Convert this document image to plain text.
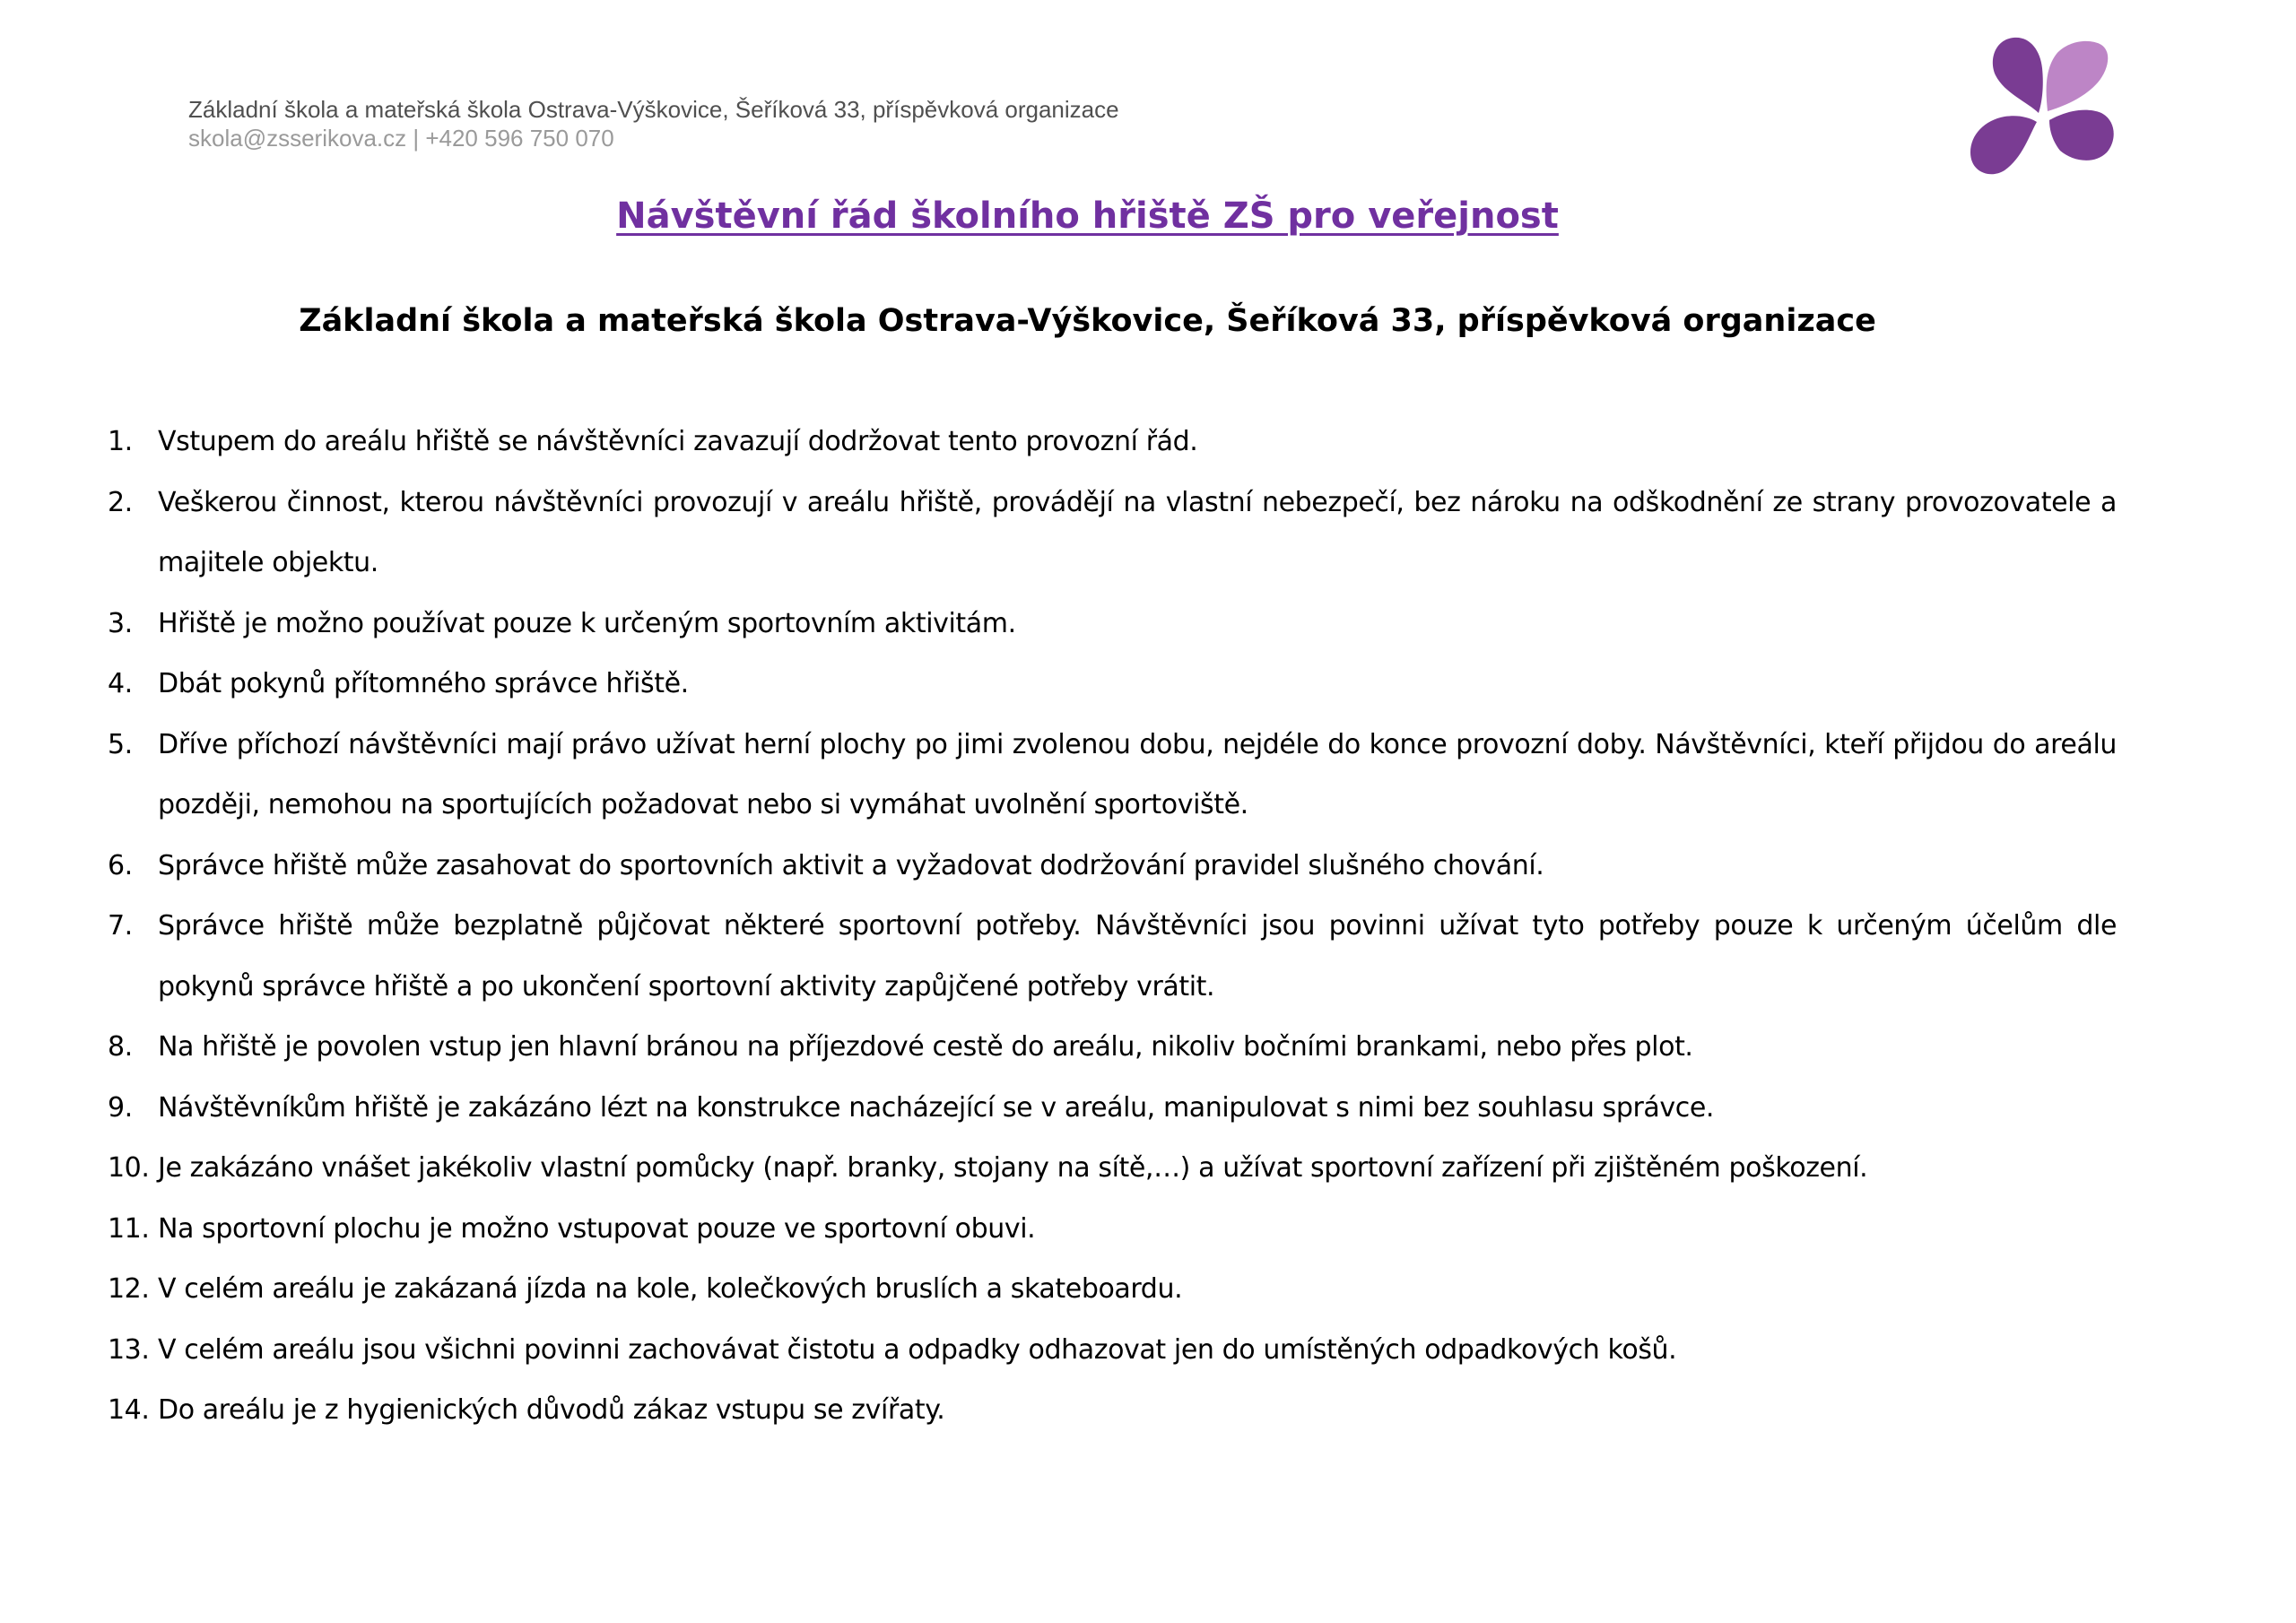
Základní škola a mateřská škola Ostrava-Výškovice, Šeříková 33, příspěvková organizace
skola@zsserikova.cz | +420 596 750 070
Návštěvní řád školního hřiště ZŠ pro veřejnost
Základní škola a mateřská škola Ostrava-Výškovice, Šeříková 33, příspěvková organizace
1. Vstupem do areálu hřiště se návštěvníci zavazují dodržovat tento provozní řád.
2. Veškerou činnost, kterou návštěvníci provozují v areálu hřiště, provádějí na vlastní nebezpečí, bez nároku na odškodnění ze strany provozovatele a majitele objektu.
3. Hřiště je možno používat pouze k určeným sportovním aktivitám.
4. Dbát pokynů přítomného správce hřiště.
5. Dříve příchozí návštěvníci mají právo užívat herní plochy po jimi zvolenou dobu, nejdéle do konce provozní doby. Návštěvníci, kteří přijdou do areálu později, nemohou na sportujících požadovat nebo si vymáhat uvolnění sportoviště.
6. Správce hřiště může zasahovat do sportovních aktivit a vyžadovat dodržování pravidel slušného chování.
7. Správce hřiště může bezplatně půjčovat některé sportovní potřeby. Návštěvníci jsou povinni užívat tyto potřeby pouze k určeným účelům dle pokynů správce hřiště a po ukončení sportovní aktivity zapůjčené potřeby vrátit.
8. Na hřiště je povolen vstup jen hlavní bránou na příjezdové cestě do areálu, nikoliv bočními brankami, nebo přes plot.
9. Návštěvníkům hřiště je zakázáno lézt na konstrukce nacházející se v areálu, manipulovat s nimi bez souhlasu správce.
10. Je zakázáno vnášet jakékoliv vlastní pomůcky (např. branky, stojany na sítě,…) a užívat sportovní zařízení při zjištěném poškození.
11. Na sportovní plochu je možno vstupovat pouze ve sportovní obuvi.
12. V celém areálu je zakázaná jízda na kole, kolečkových bruslích a skateboardu.
13. V celém areálu jsou všichni povinni zachovávat čistotu a odpadky odhazovat jen do umístěných odpadkových košů.
14. Do areálu je z hygienických důvodů zákaz vstupu se zvířaty.
